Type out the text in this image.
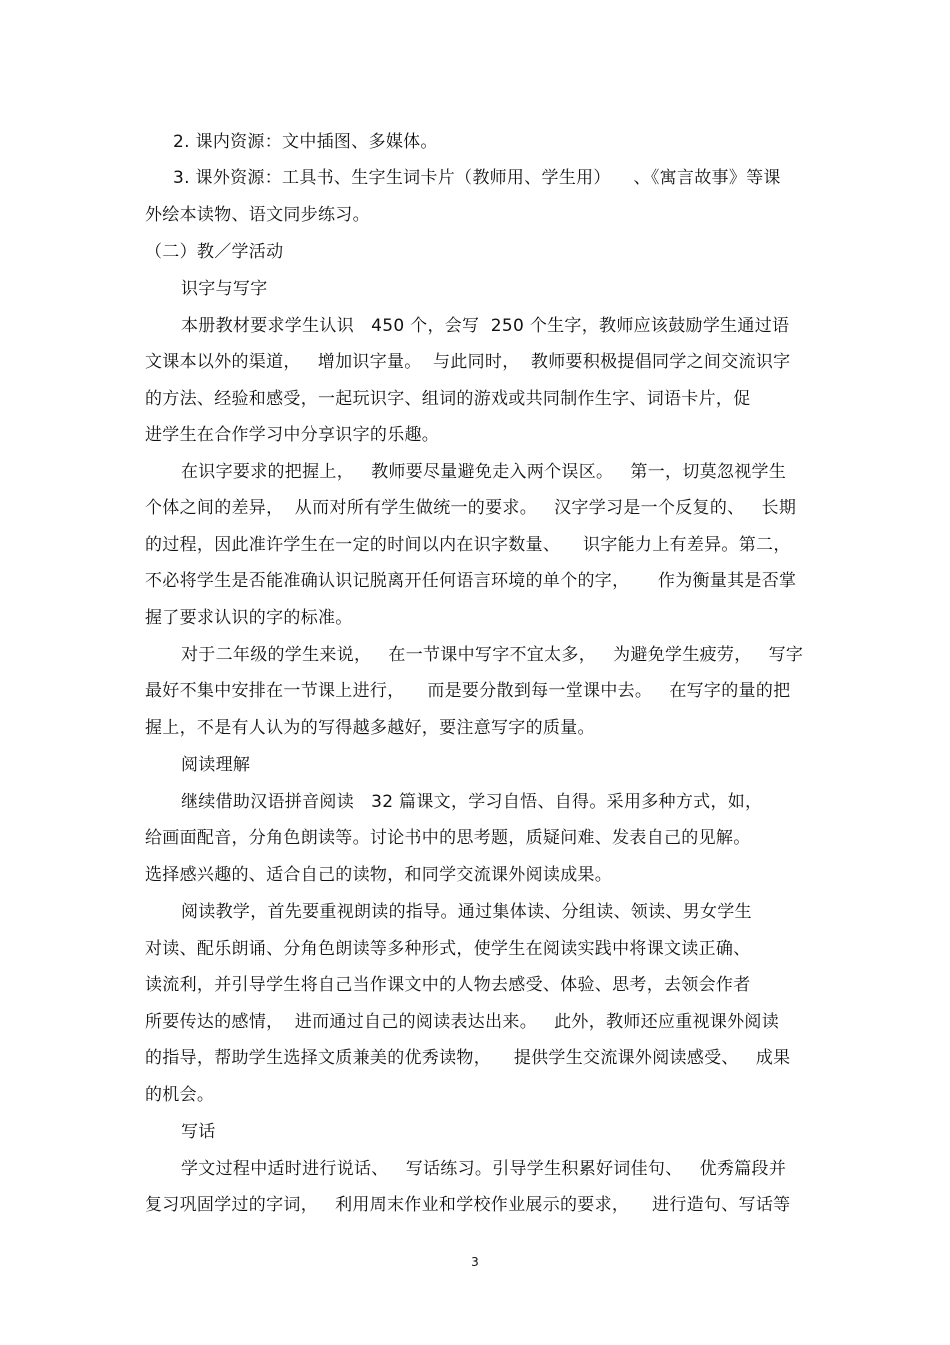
2. 课内资源：文中插图、多媒体。
3. 课外资源：工具书、生字生词卡片（教师用、学生用）    、《寓言故事》等课
外绘本读物、语文同步练习。
（二）教／学活动
识字与写字
本册教材要求学生认识   450 个，会写  250 个生字，教师应该鼓励学生通过语
文课本以外的渠道，   增加识字量。  与此同时，  教师要积极提倡同学之间交流识字
的方法、经验和感受，一起玩识字、组词的游戏或共同制作生字、词语卡片，促
进学生在合作学习中分享识字的乐趣。
在识字要求的把握上，   教师要尽量避免走入两个误区。   第一，切莫忽视学生
个体之间的差异，  从而对所有学生做统一的要求。   汉字学习是一个反复的、   长期
的过程，因此准许学生在一定的时间以内在识字数量、    识字能力上有差异。第二，
不必将学生是否能准确认识记脱离开任何语言环境的单个的字，     作为衡量其是否掌
握了要求认识的字的标准。
对于二年级的学生来说，   在一节课中写字不宜太多，   为避免学生疲劳，   写字
最好不集中安排在一节课上进行，    而是要分散到每一堂课中去。   在写字的量的把
握上，不是有人认为的写得越多越好，要注意写字的质量。
阅读理解
继续借助汉语拼音阅读   32 篇课文，学习自悟、自得。采用多种方式，如，
给画面配音，分角色朗读等。讨论书中的思考题，质疑问难、发表自己的见解。
选择感兴趣的、适合自己的读物，和同学交流课外阅读成果。
阅读教学，首先要重视朗读的指导。通过集体读、分组读、领读、男女学生
对读、配乐朗诵、分角色朗读等多种形式，使学生在阅读实践中将课文读正确、
读流利，并引导学生将自己当作课文中的人物去感受、体验、思考，去领会作者
所要传达的感情，  进而通过自己的阅读表达出来。   此外，教师还应重视课外阅读
的指导，帮助学生选择文质兼美的优秀读物，    提供学生交流课外阅读感受、   成果
的机会。
写话
学文过程中适时进行说话、   写话练习。引导学生积累好词佳句、   优秀篇段并
复习巩固学过的字词，   利用周末作业和学校作业展示的要求，    进行造句、写话等
3
